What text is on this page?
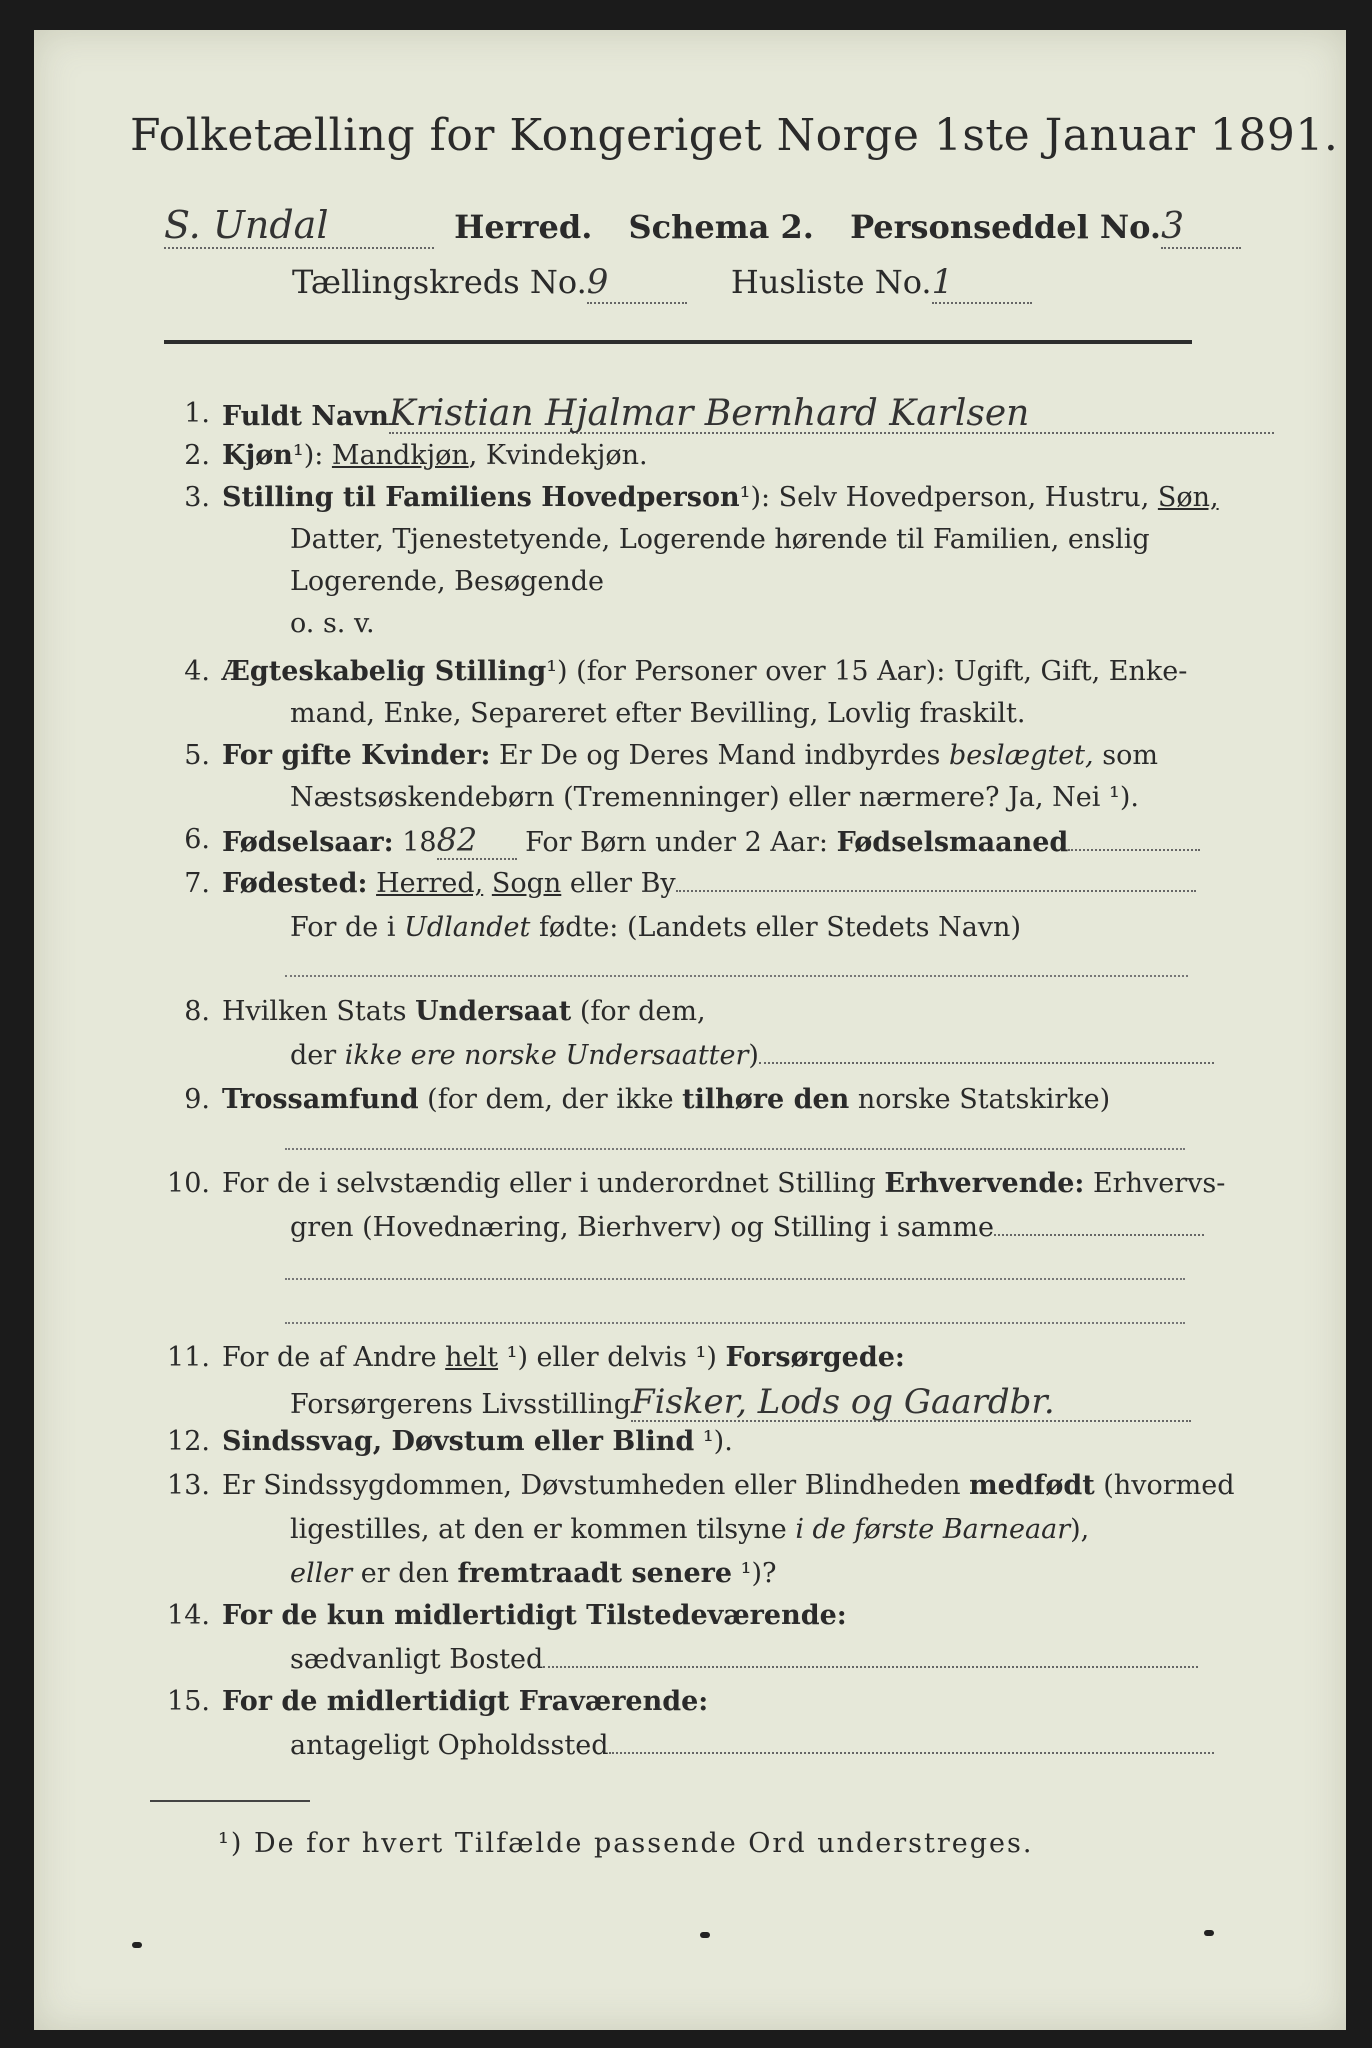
Folketælling for Kongeriget Norge 1ste Januar 1891.
S. Undal	Herred. Schema 2. Personseddel No.3
Tællingskreds No.9	Husliste No.1
1. Fuldt NavnKristian Hjalmar Bernhard Karlsen
2. Kjøn¹): Mandkjøn, Kvindekjøn.
3. Stilling til Familiens Hovedperson¹): Selv Hovedperson, Hustru, Søn,
Datter, Tjenestetyende, Logerende hørende til Familien, enslig
Logerende, Besøgende
o. s. v.
4. Ægteskabelig Stilling¹) (for Personer over 15 Aar): Ugift, Gift, Enke-
mand, Enke, Separeret efter Bevilling, Lovlig fraskilt.
5. For gifte Kvinder: Er De og Deres Mand indbyrdes beslægtet, som
Næstsøskendebørn (Tremenninger) eller nærmere? Ja, Nei ¹).
6. Fødselsaar: 1882 For Børn under 2 Aar: Fødselsmaaned
7. Fødested: Herred, Sogn eller By
For de i Udlandet fødte: (Landets eller Stedets Navn)
8. Hvilken Stats Undersaat (for dem,
der ikke ere norske Undersaatter)
9. Trossamfund (for dem, der ikke tilhøre den norske Statskirke)
10. For de i selvstændig eller i underordnet Stilling Erhvervende: Erhvervs-
gren (Hovednæring, Bierhverv) og Stilling i samme
11. For de af Andre helt ¹) eller delvis ¹) Forsørgede:
Forsørgerens LivsstillingFisker, Lods og Gaardbr.
12. Sindssvag, Døvstum eller Blind ¹).
13. Er Sindssygdommen, Døvstumheden eller Blindheden medfødt (hvormed
ligestilles, at den er kommen tilsyne i de første Barneaar),
eller er den fremtraadt senere ¹)?
14. For de kun midlertidigt Tilstedeværende:
sædvanligt Bosted
15. For de midlertidigt Fraværende:
antageligt Opholdssted
¹) De for hvert Tilfælde passende Ord understreges.
